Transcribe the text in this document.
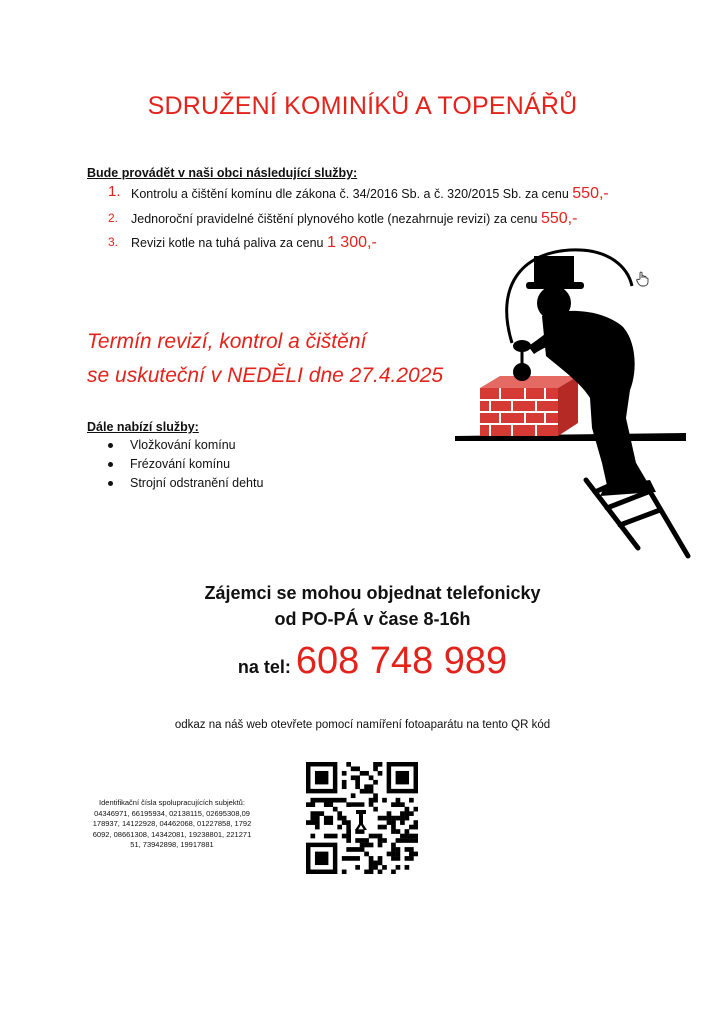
SDRUŽENÍ KOMINÍKŮ A TOPENÁŘŮ
Bude provádět v naši obci následující služby:
1. Kontrolu a čištění komínu dle zákona č. 34/2016 Sb. a č. 320/2015 Sb. za cenu 550,-
2. Jednoroční pravidelné čištění plynového kotle (nezahrnuje revizi) za cenu 550,-
3. Revizi kotle na tuhá paliva za cenu 1 300,-
Termín revizí, kontrol a čištění
se uskuteční v NEDĚLI dne 27.4.2025
Dále nabízí služby:
Vložkování komínu
Frézování komínu
Strojní odstranění dehtu
Zájemci se mohou objednat telefonicky
od PO-PÁ v čase 8-16h
na tel: 608 748 989
odkaz na náš web otevřete pomocí namíření fotoaparátu na tento QR kód
Identifikační čísla spolupracujících subjektů:
04346971, 66195934, 02138115, 02695308,09178937, 14122928, 04462068, 01227858, 17926092, 08661308, 14342081, 19238801, 22127151, 73942898, 19917881
